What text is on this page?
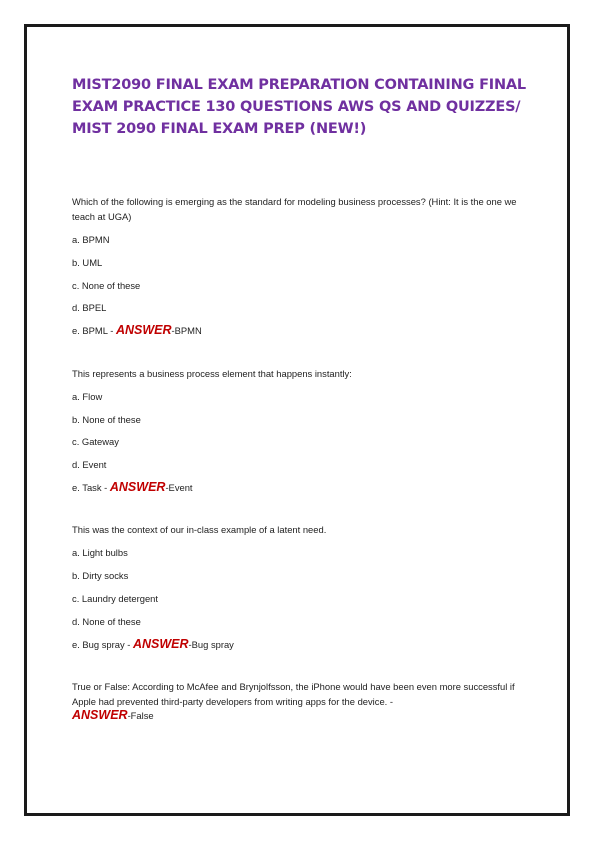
MIST2090 FINAL EXAM PREPARATION CONTAINING FINAL EXAM PRACTICE 130 QUESTIONS AWS QS AND QUIZZES/ MIST 2090 FINAL EXAM PREP (NEW!)

Which of the following is emerging as the standard for modeling business processes? (Hint: It is the one we teach at UGA)

a. BPMN

b. UML

c. None of these

d. BPEL

e. BPML - ANSWER-BPMN

This represents a business process element that happens instantly:

a. Flow

b. None of these

c. Gateway

d. Event

e. Task - ANSWER-Event

This was the context of our in-class example of a latent need.

a. Light bulbs

b. Dirty socks

c. Laundry detergent

d. None of these

e. Bug spray - ANSWER-Bug spray

True or False: According to McAfee and Brynjolfsson, the iPhone would have been even more successful if Apple had prevented third-party developers from writing apps for the device. -

ANSWER-False
